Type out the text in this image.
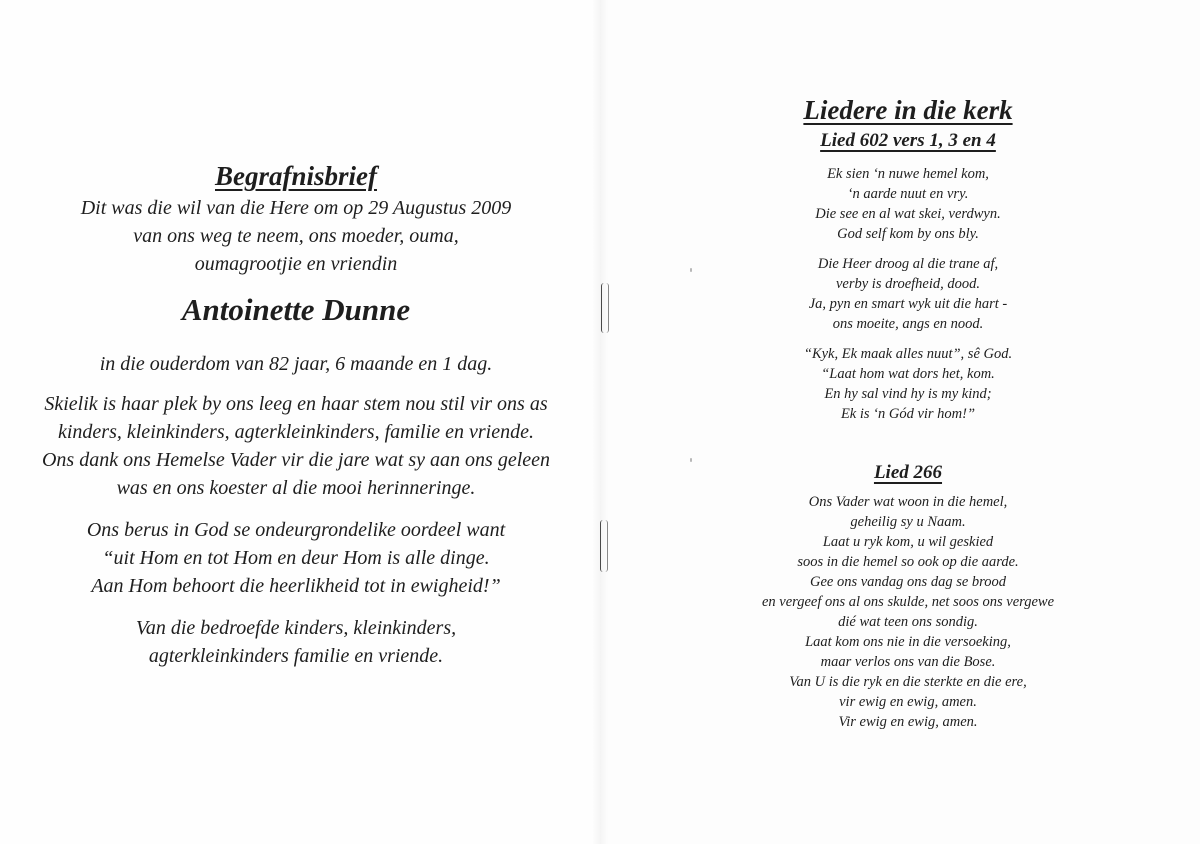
Begrafnisbrief
Dit was die wil van die Here om op 29 Augustus 2009
van ons weg te neem, ons moeder, ouma,
oumagrootjie en vriendin
Antoinette Dunne
in die ouderdom van 82 jaar, 6 maande en 1 dag.
Skielik is haar plek by ons leeg en haar stem nou stil vir ons as
kinders, kleinkinders, agterkleinkinders, familie en vriende.
Ons dank ons Hemelse Vader vir die jare wat sy aan ons geleen
was en ons koester al die mooi herinneringe.
Ons berus in God se ondeurgrondelike oordeel want
“uit Hom en tot Hom en deur Hom is alle dinge.
Aan Hom behoort die heerlikheid tot in ewigheid!”
Van die bedroefde kinders, kleinkinders,
agterkleinkinders familie en vriende.
Liedere in die kerk
Lied 602 vers 1, 3 en 4
Ek sien ‘n nuwe hemel kom,
‘n aarde nuut en vry.
Die see en al wat skei, verdwyn.
God self kom by ons bly.
Die Heer droog al die trane af,
verby is droefheid, dood.
Ja, pyn en smart wyk uit die hart -
ons moeite, angs en nood.
“Kyk, Ek maak alles nuut”, sê God.
“Laat hom wat dors het, kom.
En hy sal vind hy is my kind;
Ek is ‘n Gód vir hom!”
Lied 266
Ons Vader wat woon in die hemel,
geheilig sy u Naam.
Laat u ryk kom, u wil geskied
soos in die hemel so ook op die aarde.
Gee ons vandag ons dag se brood
en vergeef ons al ons skulde, net soos ons vergewe
dié wat teen ons sondig.
Laat kom ons nie in die versoeking,
maar verlos ons van die Bose.
Van U is die ryk en die sterkte en die ere,
vir ewig en ewig, amen.
Vir ewig en ewig, amen.
